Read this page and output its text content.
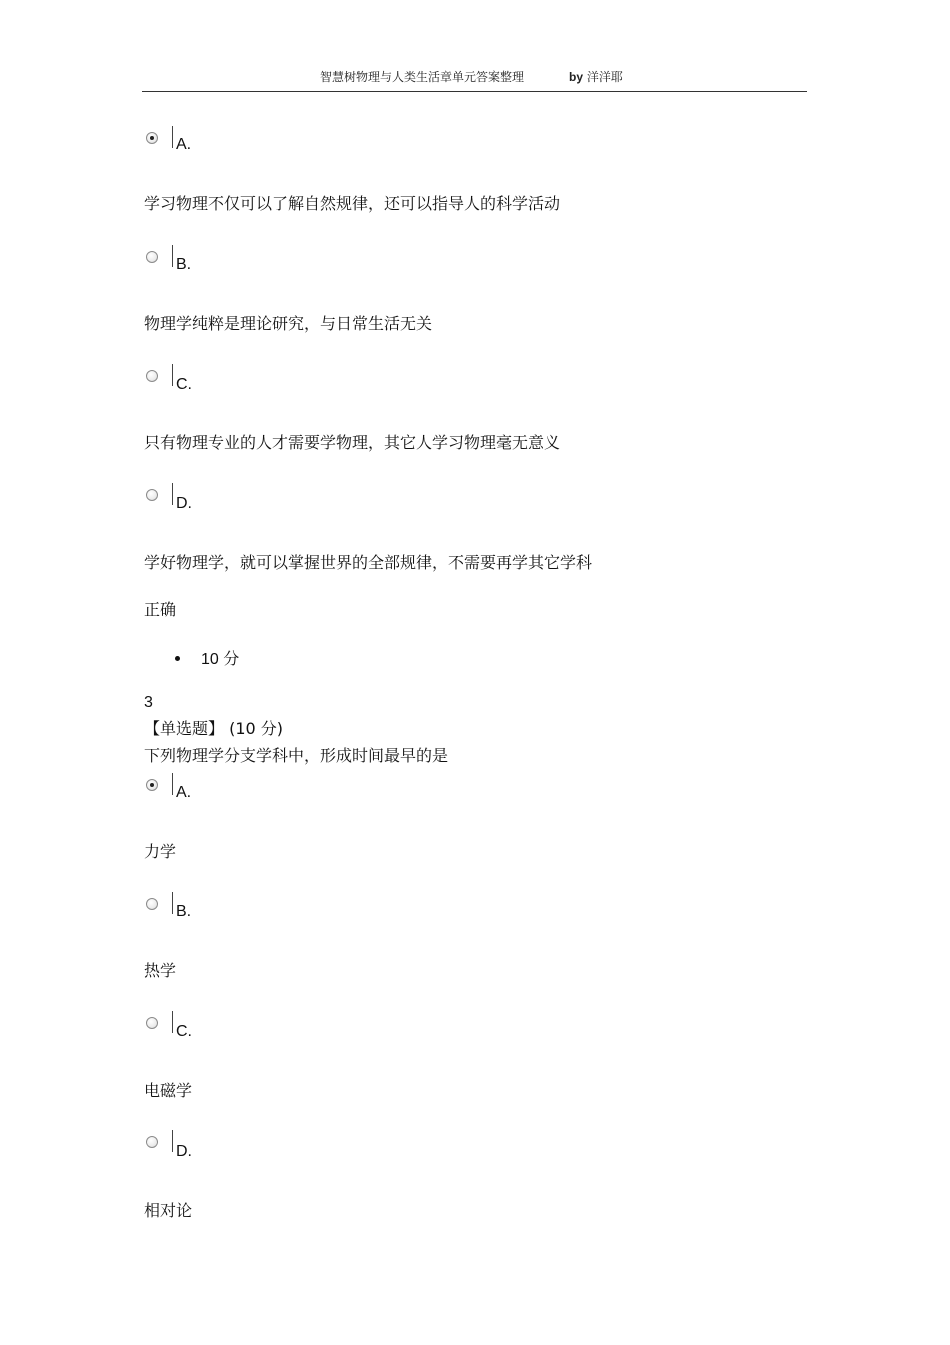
智慧树物理与人类生活章单元答案整理	by 洋洋耶
A.
学习物理不仅可以了解自然规律，还可以指导人的科学活动
B.
物理学纯粹是理论研究，与日常生活无关
C.
只有物理专业的人才需要学物理，其它人学习物理毫无意义
D.
学好物理学，就可以掌握世界的全部规律，不需要再学其它学科
正确
10 分
3
【单选题】 (10 分)
下列物理学分支学科中，形成时间最早的是
A.
力学
B.
热学
C.
电磁学
D.
相对论
